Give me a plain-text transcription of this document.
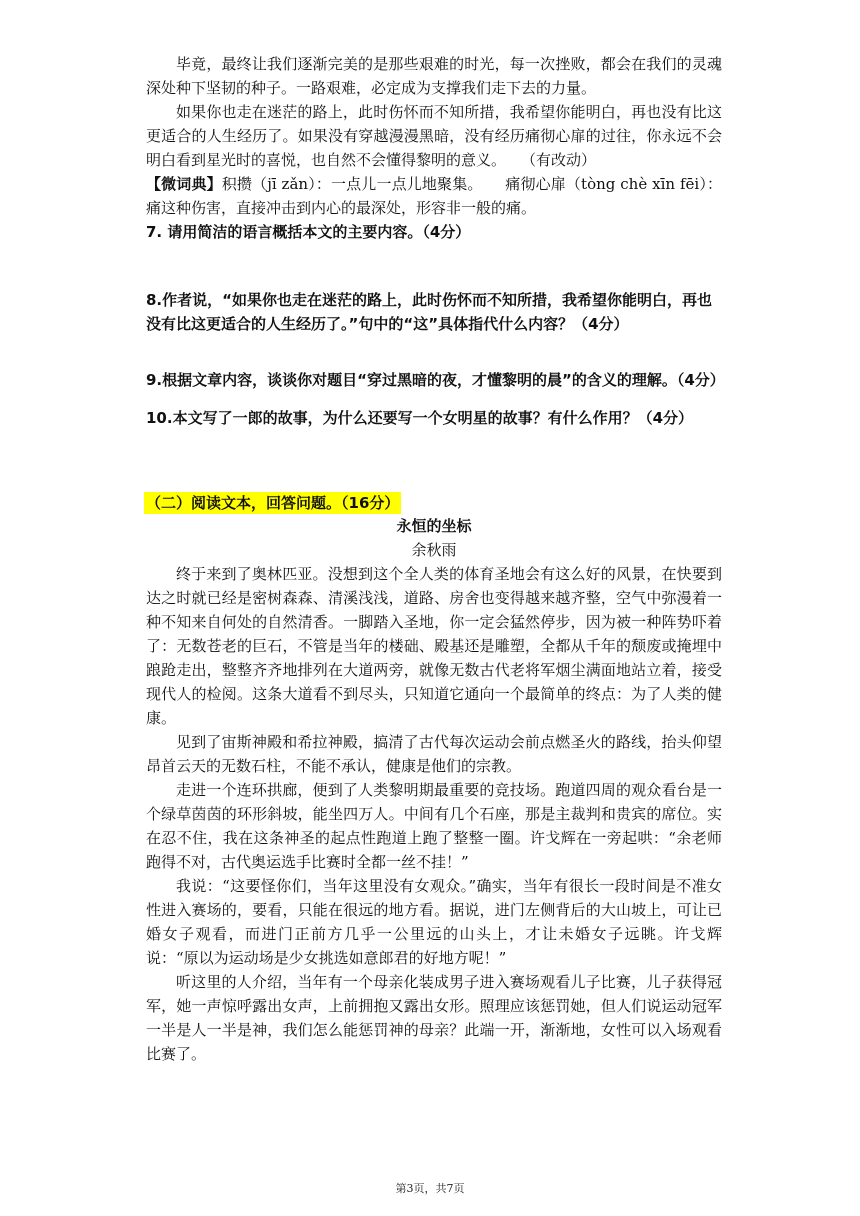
毕竟，最终让我们逐渐完美的是那些艰难的时光，每一次挫败，都会在我们的灵魂深处种下坚韧的种子。一路艰难，必定成为支撑我们走下去的力量。

如果你也走在迷茫的路上，此时伤怀而不知所措，我希望你能明白，再也没有比这更适合的人生经历了。如果没有穿越漫漫黑暗，没有经历痛彻心扉的过往，你永远不会明白看到星光时的喜悦，也自然不会懂得黎明的意义。　　（有改动）

【微词典】积攒（jī zǎn）：一点儿一点儿地聚集。　　痛彻心扉（tòng chè xīn fēi）：痛这种伤害，直接冲击到内心的最深处，形容非一般的痛。

7. 请用简洁的语言概括本文的主要内容。（4分）

8.作者说，“如果你也走在迷茫的路上，此时伤怀而不知所措，我希望你能明白，再也没有比这更适合的人生经历了。”句中的“这”具体指代什么内容？（4分）

9.根据文章内容，谈谈你对题目“穿过黑暗的夜，才懂黎明的晨”的含义的理解。（4分）

10.本文写了一郎的故事，为什么还要写一个女明星的故事？有什么作用？（4分）

（二）阅读文本，回答问题。（16分）

永恒的坐标

余秋雨

终于来到了奥林匹亚。没想到这个全人类的体育圣地会有这么好的风景，在快要到达之时就已经是密树森森、清溪浅浅，道路、房舍也变得越来越齐整，空气中弥漫着一种不知来自何处的自然清香。一脚踏入圣地，你一定会猛然停步，因为被一种阵势吓着了：无数苍老的巨石，不管是当年的楼础、殿基还是雕塑，全都从千年的颓废或掩埋中踉跄走出，整整齐齐地排列在大道两旁，就像无数古代老将军烟尘满面地站立着，接受现代人的检阅。这条大道看不到尽头，只知道它通向一个最简单的终点：为了人类的健康。

见到了宙斯神殿和希拉神殿，搞清了古代每次运动会前点燃圣火的路线，抬头仰望昂首云天的无数石柱，不能不承认，健康是他们的宗教。

走进一个连环拱廊，便到了人类黎明期最重要的竞技场。跑道四周的观众看台是一个绿草茵茵的环形斜坡，能坐四万人。中间有几个石座，那是主裁判和贵宾的席位。实在忍不住，我在这条神圣的起点性跑道上跑了整整一圈。许戈辉在一旁起哄：“余老师跑得不对，古代奥运选手比赛时全都一丝不挂！”

我说：“这要怪你们，当年这里没有女观众。”确实，当年有很长一段时间是不准女性进入赛场的，要看，只能在很远的地方看。据说，进门左侧背后的大山坡上，可让已婚女子观看，而进门正前方几乎一公里远的山头上，才让未婚女子远眺。许戈辉说：“原以为运动场是少女挑选如意郎君的好地方呢！”

听这里的人介绍，当年有一个母亲化装成男子进入赛场观看儿子比赛，儿子获得冠军，她一声惊呼露出女声，上前拥抱又露出女形。照理应该惩罚她，但人们说运动冠军一半是人一半是神，我们怎么能惩罚神的母亲？此端一开，渐渐地，女性可以入场观看比赛了。

第3页，共7页
